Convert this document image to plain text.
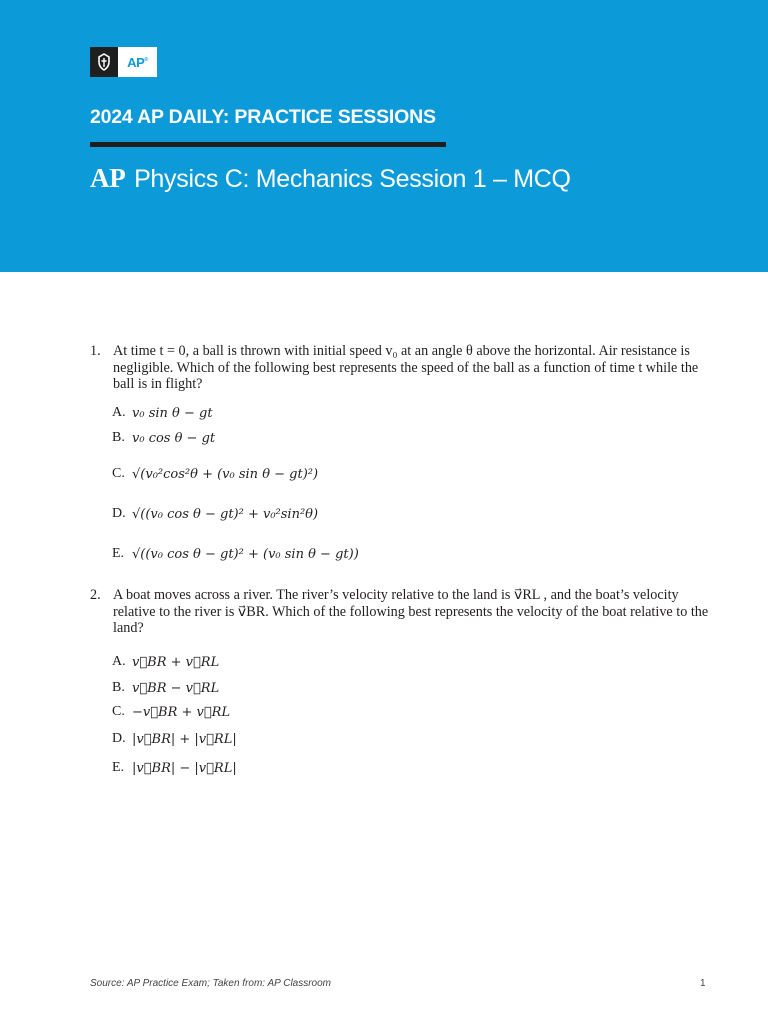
AP ®
2024 AP DAILY: PRACTICE SESSIONS
AP Physics C: Mechanics Session 1 – MCQ
1. At time t = 0, a ball is thrown with initial speed v₀ at an angle θ above the horizontal. Air resistance is negligible. Which of the following best represents the speed of the ball as a function of time t while the ball is in flight?
A. v₀ sin θ − gt
B. v₀ cos θ − gt
C. √(v₀²cos²θ + (v₀ sin θ − gt)²)
D. √((v₀ cos θ − gt)² + v₀²sin²θ)
E. √((v₀ cos θ − gt)² + (v₀ sin θ − gt))
2. A boat moves across a river. The river’s velocity relative to the land is v⃗RL , and the boat’s velocity relative to the river is v⃗BR. Which of the following best represents the velocity of the boat relative to the land?
A. v⃗BR + v⃗RL
B. v⃗BR − v⃗RL
C. −v⃗BR + v⃗RL
D. |v⃗BR| + |v⃗RL|
E. |v⃗BR| − |v⃗RL|
Source: AP Practice Exam; Taken from: AP Classroom	1
